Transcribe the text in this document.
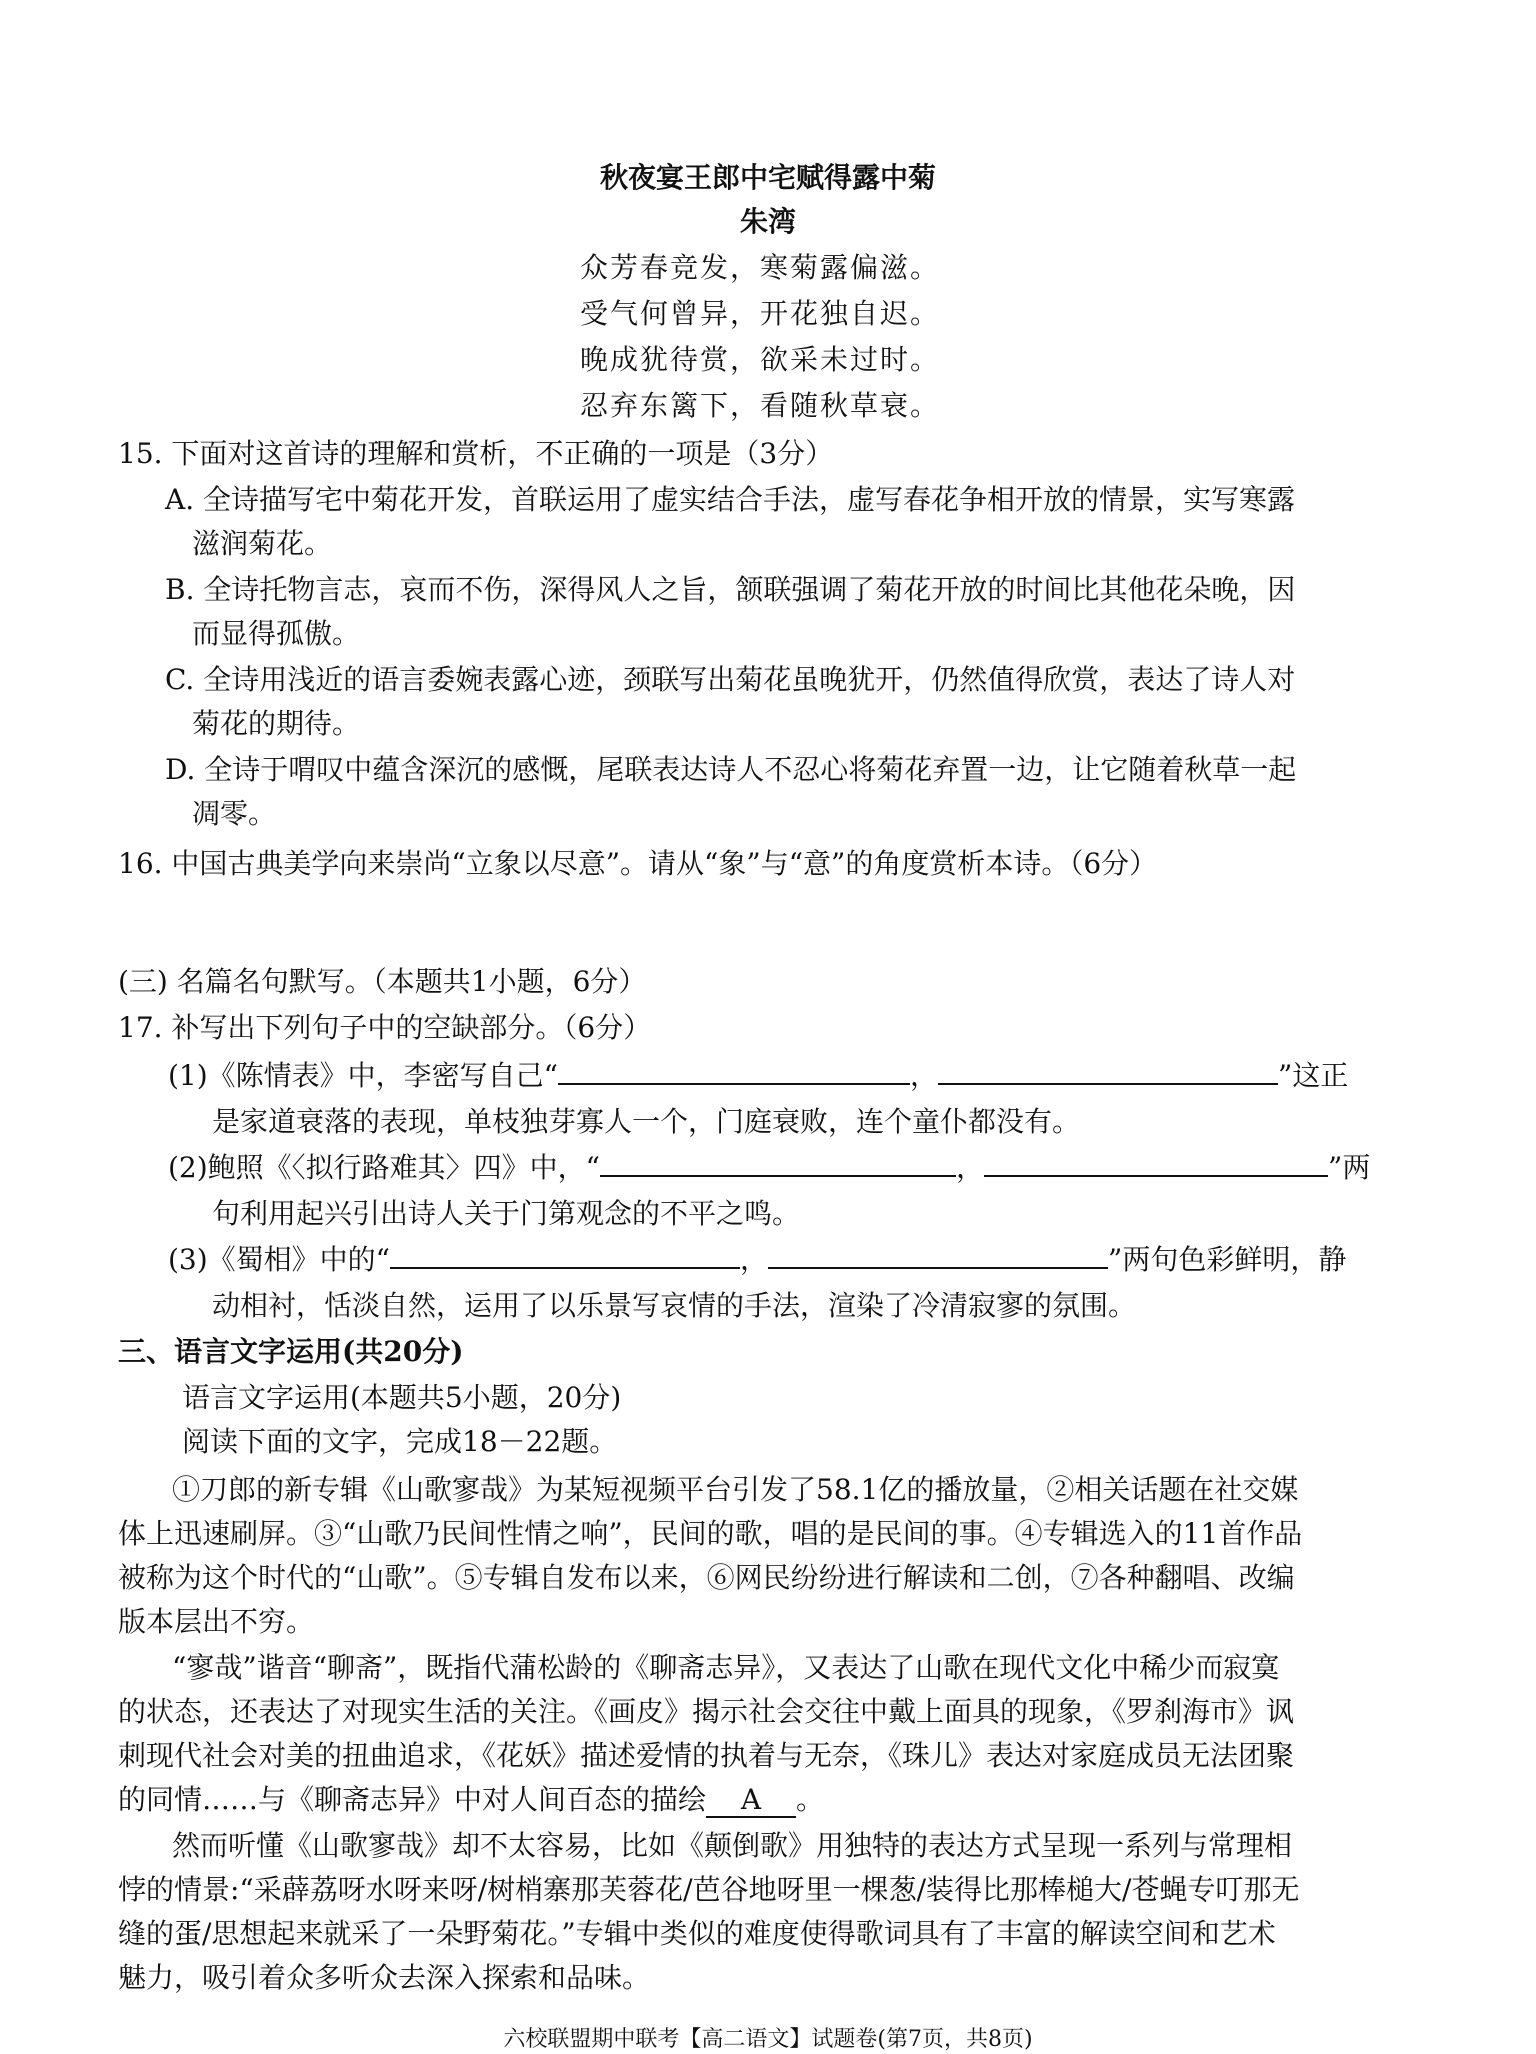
秋夜宴王郎中宅赋得露中菊
朱湾
众芳春竞发，寒菊露偏滋。
受气何曾异，开花独自迟。
晚成犹待赏，欲采未过时。
忍弃东篱下，看随秋草衰。
15. 下面对这首诗的理解和赏析，不正确的一项是（3分）
A. 全诗描写宅中菊花开发，首联运用了虚实结合手法，虚写春花争相开放的情景，实写寒露
滋润菊花。
B. 全诗托物言志，哀而不伤，深得风人之旨，颔联强调了菊花开放的时间比其他花朵晚，因
而显得孤傲。
C. 全诗用浅近的语言委婉表露心迹，颈联写出菊花虽晚犹开，仍然值得欣赏，表达了诗人对
菊花的期待。
D. 全诗于喟叹中蕴含深沉的感慨，尾联表达诗人不忍心将菊花弃置一边，让它随着秋草一起
凋零。
16. 中国古典美学向来崇尚“立象以尽意”。请从“象”与“意”的角度赏析本诗。（6分）
(三) 名篇名句默写。（本题共1小题，6分）
17. 补写出下列句子中的空缺部分。（6分）
(1)《陈情表》中，李密写自己“	，	”这正
是家道衰落的表现，单枝独芽寡人一个，门庭衰败，连个童仆都没有。
(2)鲍照《〈拟行路难其〉四》中，“	，	”两
句利用起兴引出诗人关于门第观念的不平之鸣。
(3)《蜀相》中的“	，	”两句色彩鲜明，静
动相衬，恬淡自然，运用了以乐景写哀情的手法，渲染了冷清寂寥的氛围。
三、语言文字运用(共20分)
语言文字运用(本题共5小题，20分)
阅读下面的文字，完成18－22题。
①刀郎的新专辑《山歌寥哉》为某短视频平台引发了58.1亿的播放量，②相关话题在社交媒
体上迅速刷屏。③“山歌乃民间性情之响”，民间的歌，唱的是民间的事。④专辑选入的11首作品
被称为这个时代的“山歌”。⑤专辑自发布以来，⑥网民纷纷进行解读和二创，⑦各种翻唱、改编
版本层出不穷。
“寥哉”谐音“聊斋”，既指代蒲松龄的《聊斋志异》，又表达了山歌在现代文化中稀少而寂寞
的状态，还表达了对现实生活的关注。《画皮》揭示社会交往中戴上面具的现象，《罗刹海市》讽
刺现代社会对美的扭曲追求，《花妖》描述爱情的执着与无奈，《珠儿》表达对家庭成员无法团聚
的同情……与《聊斋志异》中对人间百态的描绘 A 。
然而听懂《山歌寥哉》却不太容易，比如《颠倒歌》用独特的表达方式呈现一系列与常理相
悖的情景:“采薜荔呀水呀来呀/树梢寨那芙蓉花/芭谷地呀里一棵葱/装得比那棒槌大/苍蝇专叮那无
缝的蛋/思想起来就采了一朵野菊花。”专辑中类似的难度使得歌词具有了丰富的解读空间和艺术
魅力，吸引着众多听众去深入探索和品味。
六校联盟期中联考【高二语文】试题卷(第7页，共8页)
